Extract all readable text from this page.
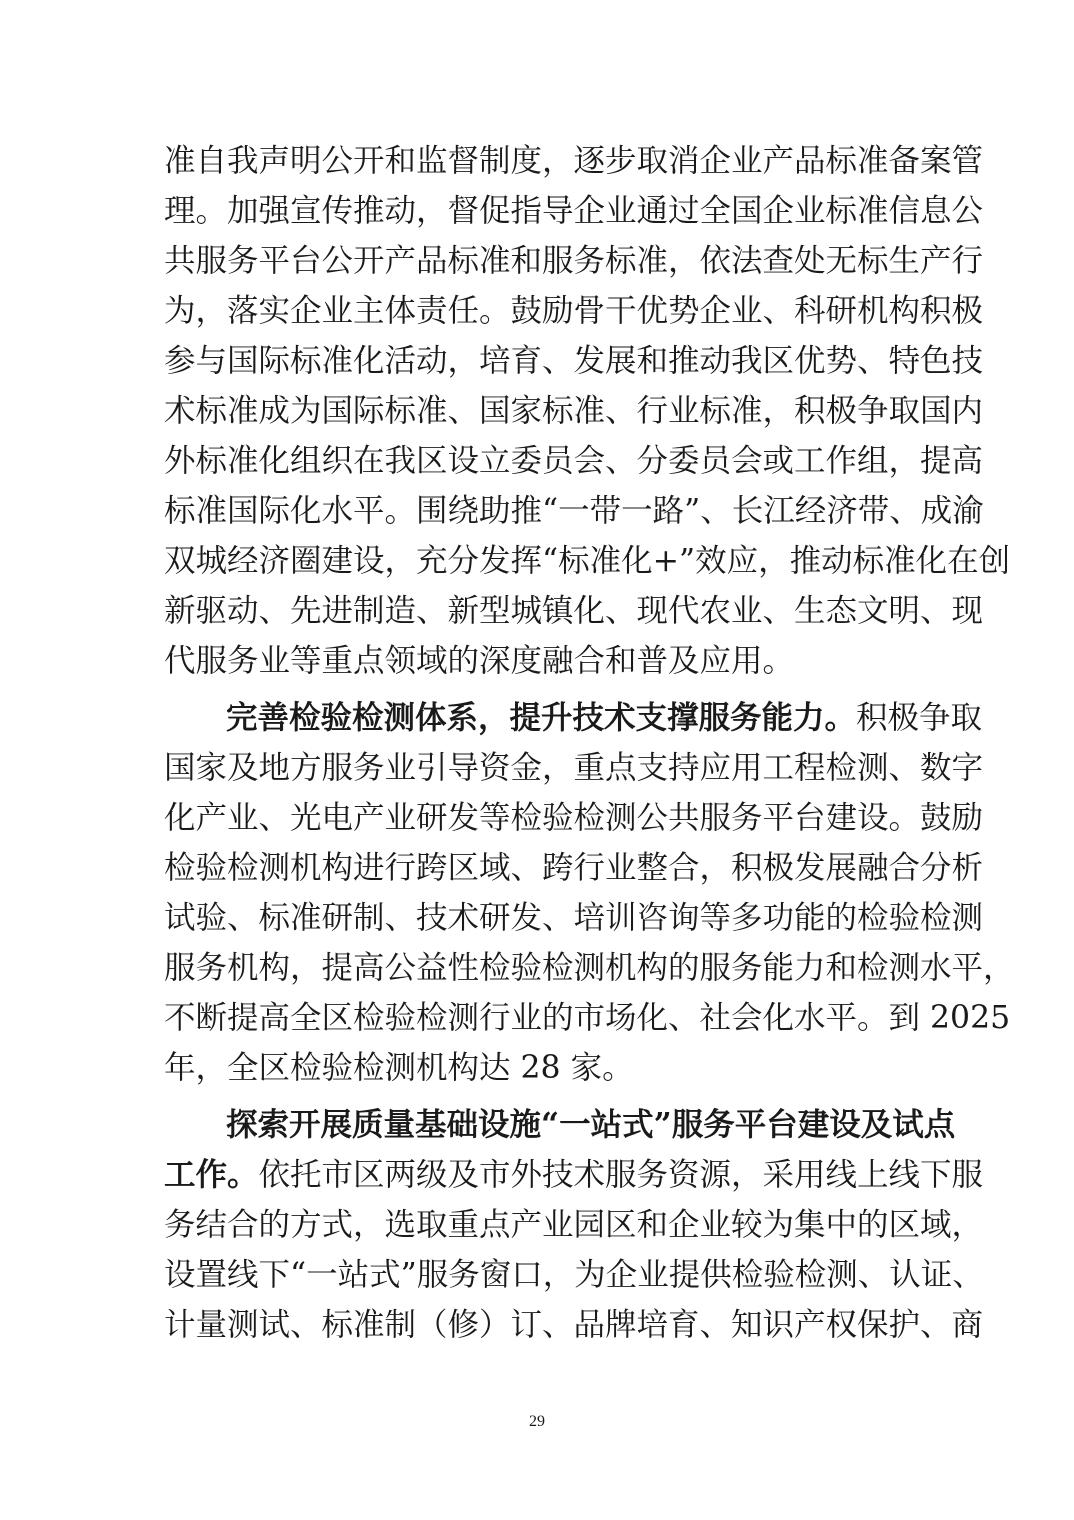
准自我声明公开和监督制度，逐步取消企业产品标准备案管
理。加强宣传推动，督促指导企业通过全国企业标准信息公
共服务平台公开产品标准和服务标准，依法查处无标生产行
为，落实企业主体责任。鼓励骨干优势企业、科研机构积极
参与国际标准化活动，培育、发展和推动我区优势、特色技
术标准成为国际标准、国家标准、行业标准，积极争取国内
外标准化组织在我区设立委员会、分委员会或工作组，提高
标准国际化水平。围绕助推“一带一路”、长江经济带、成渝
双城经济圈建设，充分发挥“标准化+”效应，推动标准化在创
新驱动、先进制造、新型城镇化、现代农业、生态文明、现
代服务业等重点领域的深度融合和普及应用。
完善检验检测体系，提升技术支撑服务能力。积极争取
国家及地方服务业引导资金，重点支持应用工程检测、数字
化产业、光电产业研发等检验检测公共服务平台建设。鼓励
检验检测机构进行跨区域、跨行业整合，积极发展融合分析
试验、标准研制、技术研发、培训咨询等多功能的检验检测
服务机构，提高公益性检验检测机构的服务能力和检测水平，
不断提高全区检验检测行业的市场化、社会化水平。到 2025
年，全区检验检测机构达 28 家。
探索开展质量基础设施“一站式”服务平台建设及试点
工作。依托市区两级及市外技术服务资源，采用线上线下服
务结合的方式，选取重点产业园区和企业较为集中的区域，
设置线下“一站式”服务窗口，为企业提供检验检测、认证、
计量测试、标准制（修）订、品牌培育、知识产权保护、商
29
